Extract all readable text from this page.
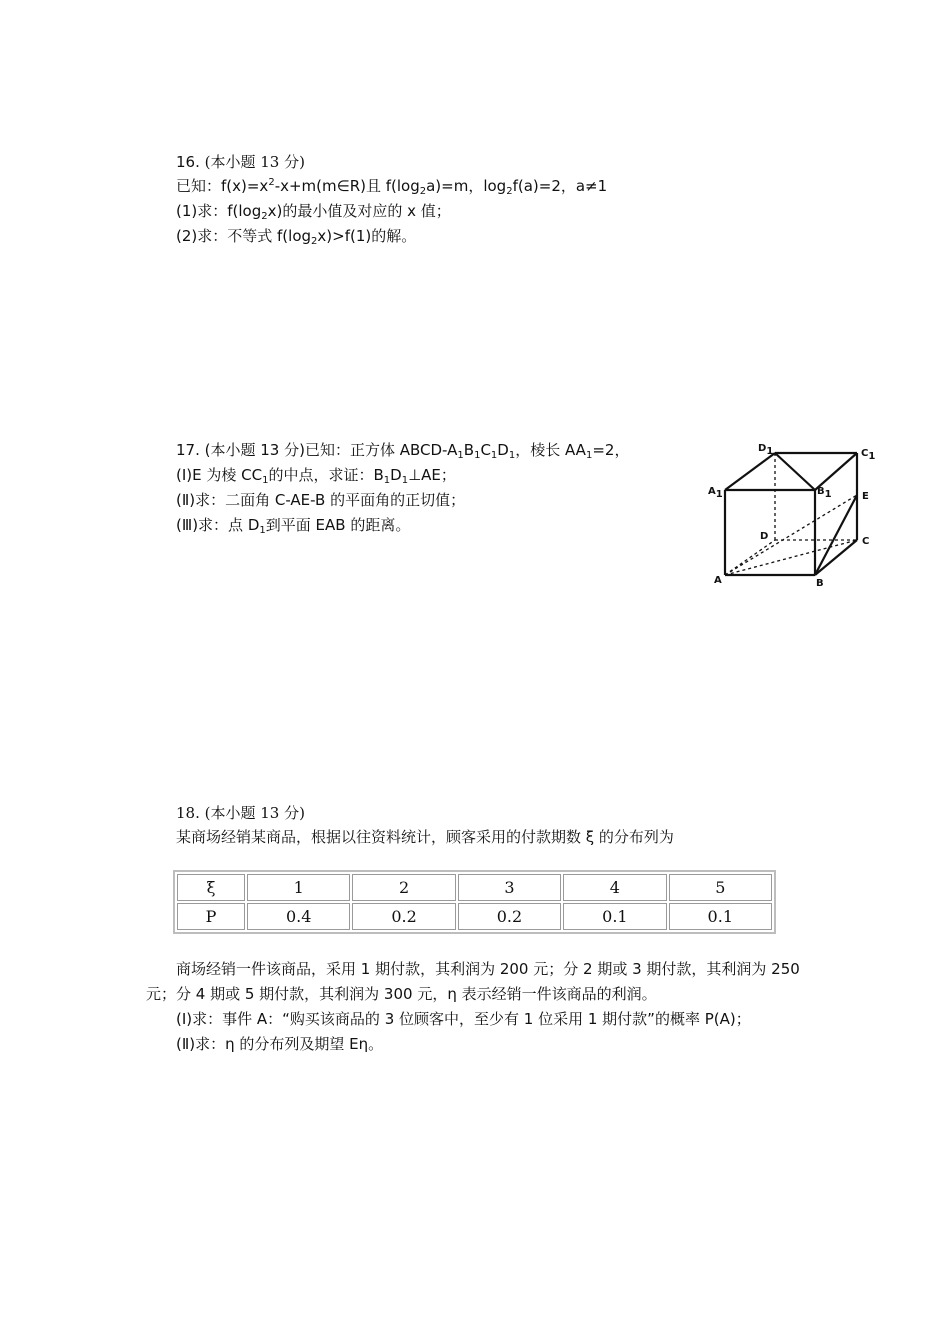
16. (本小题 13 分)
已知：$f(x)=x^2-x+m(m\in R)$且 $f(\log_2a)=m$，$\log_2f(a)=2$，a≠1
(1)求：$f(\log_2x)$的最小值及对应的 x 值；
(2)求：不等式 $f(\log_2x)>f(1)$的解。
17. (本小题 13 分)已知：正方体 ABCD-$A_1B_1C_1D_1$，棱长 $AA_1=2$，
(Ⅰ)E 为棱 $CC_1$的中点，求证：$B_1D_1\perp AE$；
(Ⅱ)求：二面角 C-AE-B 的平面角的正切值；
(Ⅲ)求：点 $D_1$到平面 EAB 的距离。
D1	C1
A1	B1	E
D	C
A	B
18. (本小题 13 分)
某商场经销某商品，根据以往资料统计，顾客采用的付款期数 ξ 的分布列为
ξ	1	2	3	4	5
P	0.4	0.2	0.2	0.1	0.1
商场经销一件该商品，采用 1 期付款，其利润为 200 元；分 2 期或 3 期付款，其利润为 250
元；分 4 期或 5 期付款，其利润为 300 元，η 表示经销一件该商品的利润。
(Ⅰ)求：事件 A：“购买该商品的 3 位顾客中，至少有 1 位采用 1 期付款”的概率 P(A)；
(Ⅱ)求：η 的分布列及期望 Eη。
